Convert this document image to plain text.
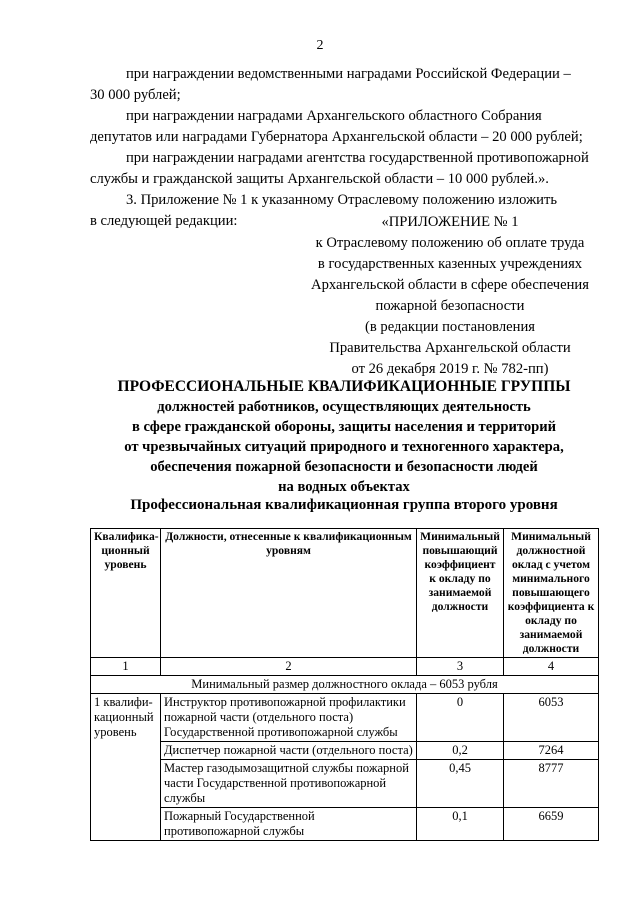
2
при награждении ведомственными наградами Российской Федерации –
30 000 рублей;
при награждении наградами Архангельского областного Собрания
депутатов или наградами Губернатора Архангельской области – 20 000 рублей;
при награждении наградами агентства государственной противопожарной
службы и гражданской защиты Архангельской области – 10 000 рублей.».
3. Приложение № 1 к указанному Отраслевому положению изложить
в следующей редакции:	«ПРИЛОЖЕНИЕ № 1
к Отраслевому положению об оплате труда
в государственных казенных учреждениях
Архангельской области в сфере обеспечения
пожарной безопасности
(в редакции постановления
Правительства Архангельской области
от 26 декабря 2019 г. № 782-пп)
ПРОФЕССИОНАЛЬНЫЕ КВАЛИФИКАЦИОННЫЕ ГРУППЫ
должностей работников, осуществляющих деятельность
в сфере гражданской обороны, защиты населения и территорий
от чрезвычайных ситуаций природного и техногенного характера,
обеспечения пожарной безопасности и безопасности людей
на водных объектах
Профессиональная квалификационная группа второго уровня
Квалифика-ционный уровень	Должности, отнесенные к квалификационным уровням	Минимальный повышающий коэффициент к окладу по занимаемой должности	Минимальный должностной оклад с учетом минимального повышающего коэффициента к окладу по занимаемой должности
1	2	3	4
Минимальный размер должностного оклада – 6053 рубля			
1 квалифи-кационный уровень	Инструктор противопожарной профилактики пожарной части (отдельного поста) Государственной противопожарной службы	0	6053
	Диспетчер пожарной части (отдельного поста)	0,2	7264
	Мастер газодымозащитной службы пожарной части Государственной противопожарной службы	0,45	8777
	Пожарный Государственной противопожарной службы	0,1	6659
